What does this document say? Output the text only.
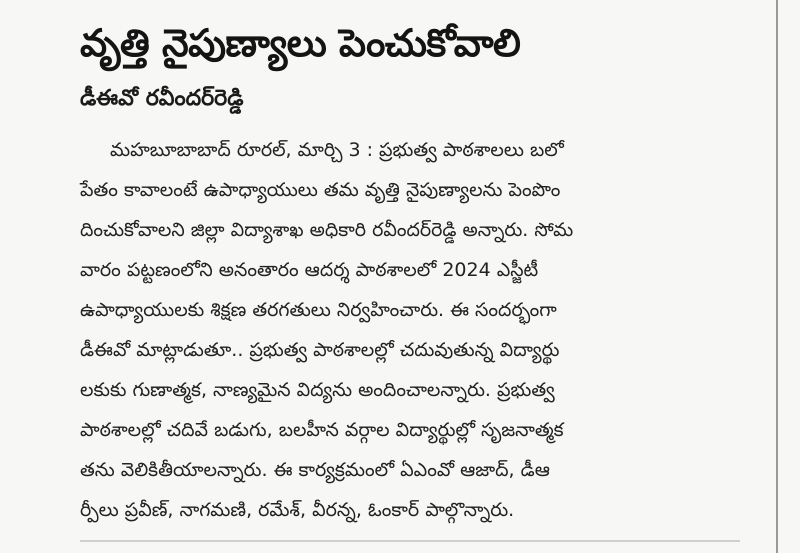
వృత్తి నైపుణ్యాలు పెంచుకోవాలి
డీఈవో రవీందర్‌రెడ్డి
మహబూబాబాద్ రూరల్, మార్చి 3 : ప్రభుత్వ పాఠశాలలు బలో
పేతం కావాలంటే ఉపాధ్యాయులు తమ వృత్తి నైపుణ్యాలను పెంపొం
దించుకోవాలని జిల్లా విద్యాశాఖ అధికారి రవీందర్‌రెడ్డి అన్నారు. సోమ
వారం పట్టణంలోని అనంతారం ఆదర్శ పాఠశాలలో 2024 ఎస్జీటీ
ఉపాధ్యాయులకు శిక్షణ తరగతులు నిర్వహించారు. ఈ సందర్భంగా
డీఈవో మాట్లాడుతూ.. ప్రభుత్వ పాఠశాలల్లో చదువుతున్న విద్యార్థు
లకుకు గుణాత్మక, నాణ్యమైన విద్యను అందించాలన్నారు. ప్రభుత్వ
పాఠశాలల్లో చదివే బడుగు, బలహీన వర్గాల విద్యార్థుల్లో సృజనాత్మక
తను వెలికితీయాలన్నారు. ఈ కార్యక్రమంలో ఏఎంవో ఆజాద్, డీఆ
ర్పీలు ప్రవీణ్, నాగమణి, రమేశ్, వీరన్న, ఓంకార్ పాల్గొన్నారు.
